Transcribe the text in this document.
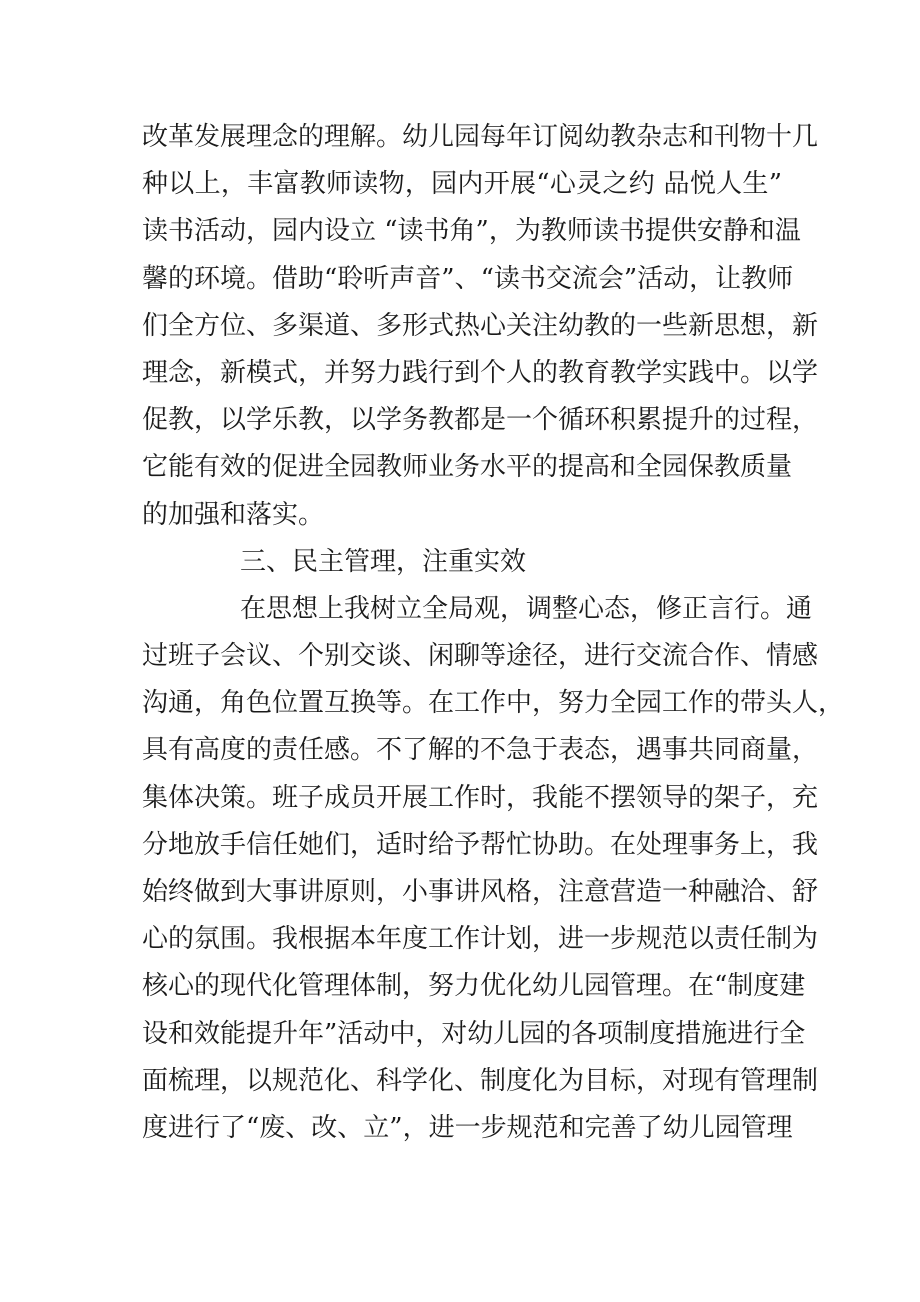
改革发展理念的理解。幼儿园每年订阅幼教杂志和刊物十几
种以上，丰富教师读物，园内开展“心灵之约 品悦人生”
读书活动，园内设立 “读书角”，为教师读书提供安静和温
馨的环境。借助“聆听声音”、“读书交流会”活动，让教师
们全方位、多渠道、多形式热心关注幼教的一些新思想，新
理念，新模式，并努力践行到个人的教育教学实践中。以学
促教，以学乐教，以学务教都是一个循环积累提升的过程，
它能有效的促进全园教师业务水平的提高和全园保教质量
的加强和落实。
三、民主管理，注重实效
在思想上我树立全局观，调整心态，修正言行。通
过班子会议、个别交谈、闲聊等途径，进行交流合作、情感
沟通，角色位置互换等。在工作中，努力全园工作的带头人，
具有高度的责任感。不了解的不急于表态，遇事共同商量，
集体决策。班子成员开展工作时，我能不摆领导的架子，充
分地放手信任她们，适时给予帮忙协助。在处理事务上，我
始终做到大事讲原则，小事讲风格，注意营造一种融洽、舒
心的氛围。我根据本年度工作计划，进一步规范以责任制为
核心的现代化管理体制，努力优化幼儿园管理。在“制度建
设和效能提升年”活动中，对幼儿园的各项制度措施进行全
面梳理，以规范化、科学化、制度化为目标，对现有管理制
度进行了“废、改、立”，进一步规范和完善了幼儿园管理
